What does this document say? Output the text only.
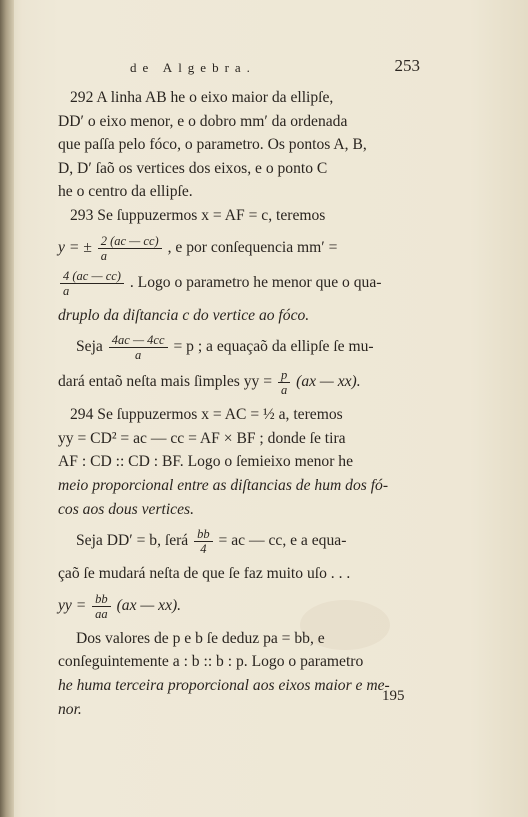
de Algebra.	253

292 A linha AB he o eixo maior da ellipſe,
DD′ o eixo menor, e o dobro mm′ da ordenada
que paſſa pelo fóco, o parametro. Os pontos A, B,
D, D′ ſaõ os vertices dos eixos, e o ponto C
he o centro da ellipſe.

293 Se ſuppuzermos x = AF = c, teremos
y = ± $\frac{2 (ac — cc)}{a}$ , e por conſequencia mm′ =
$\frac{4 (ac — cc)}{a}$ . Logo o parametro he menor que o qua-
druplo da diſtancia c do vertice ao fóco.

Seja $\frac{4ac — 4cc}{a} = p$ ; a equaçaõ da ellipſe ſe mu-
dará entaõ neſta mais ſimples yy = $\frac{p}{a} (ax$ — xx).

294 Se ſuppuzermos x = AC = ½ a, teremos
yy = CD² = ac — cc = AF × BF ; donde ſe tira
AF : CD :: CD : BF. Logo o ſemieixo menor he
meio proporcional entre as diſtancias de hum dos fó-
cos aos dous vertices.

Seja DD′ = b, ſerá $\frac{bb}{4}$ = ac — cc, e a equa-
çaõ ſe mudará neſta de que ſe faz muito uſo . . .
yy = $\frac{bb}{aa} (ax$ — xx).

Dos valores de p e b ſe deduz pa = bb, e
conſeguintemente a : b :: b : p. Logo o parametro
he huma terceira proporcional aos eixos maior e me-
nor.

195
